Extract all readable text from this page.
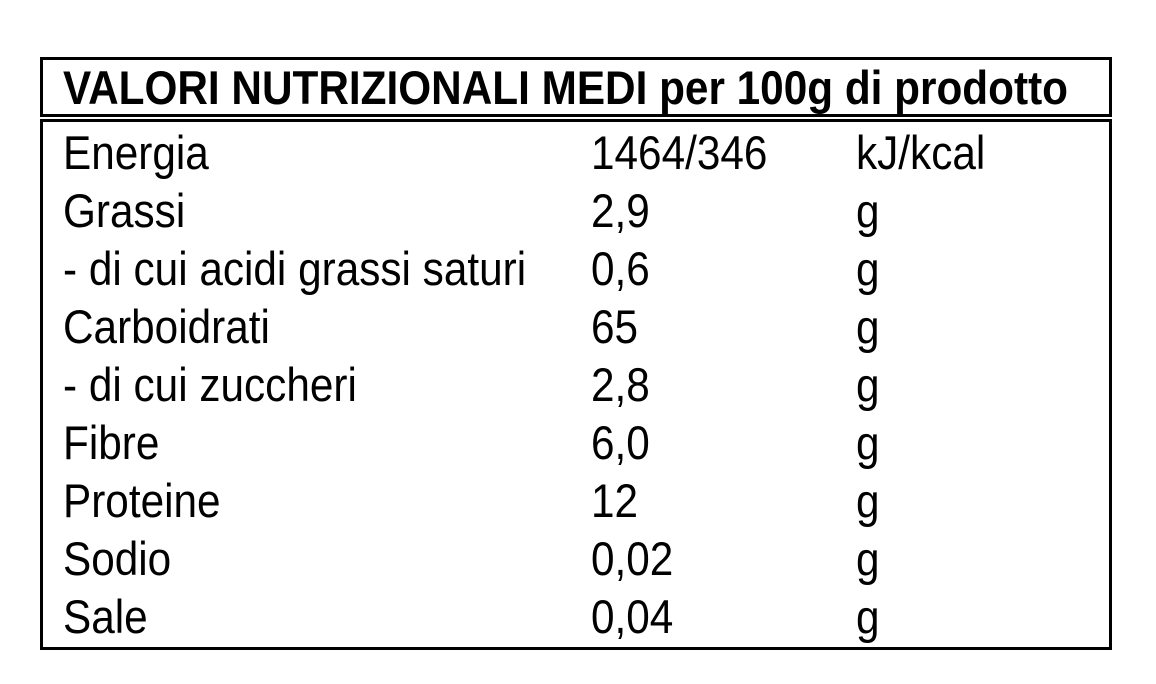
VALORI NUTRIZIONALI MEDI per 100g di prodotto
Energia	1464/346	kJ/kcal
Grassi	2,9	g
- di cui acidi grassi saturi 0,6	g
Carboidrati	65	g
- di cui zuccheri	2,8	g
Fibre	6,0	g
Proteine	12	g
Sodio	0,02	g
Sale	0,04	g
